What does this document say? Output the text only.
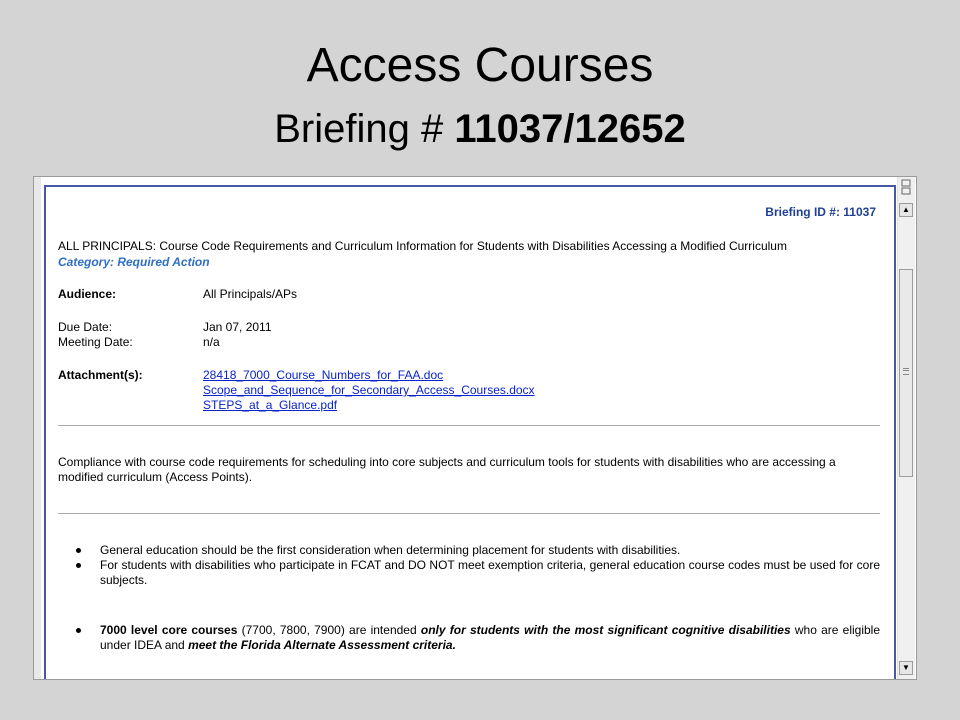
Access Courses
Briefing # 11037/12652
Briefing ID #: 11037
ALL PRINCIPALS: Course Code Requirements and Curriculum Information for Students with Disabilities Accessing a Modified Curriculum
Category: Required Action
Audience:	All Principals/APs
Due Date:	Jan 07, 2011
Meeting Date:	n/a
Attachment(s):	28418_7000_Course_Numbers_for_FAA.doc
Scope_and_Sequence_for_Secondary_Access_Courses.docx
STEPS_at_a_Glance.pdf
Compliance with course code requirements for scheduling into core subjects and curriculum tools for students with disabilities who are accessing a modified curriculum (Access Points).
General education should be the first consideration when determining placement for students with disabilities.
For students with disabilities who participate in FCAT and DO NOT meet exemption criteria, general education course codes must be used for core subjects.
7000 level core courses (7700, 7800, 7900) are intended only for students with the most significant cognitive disabilities who are eligible under IDEA and meet the Florida Alternate Assessment criteria.
▲
▼
